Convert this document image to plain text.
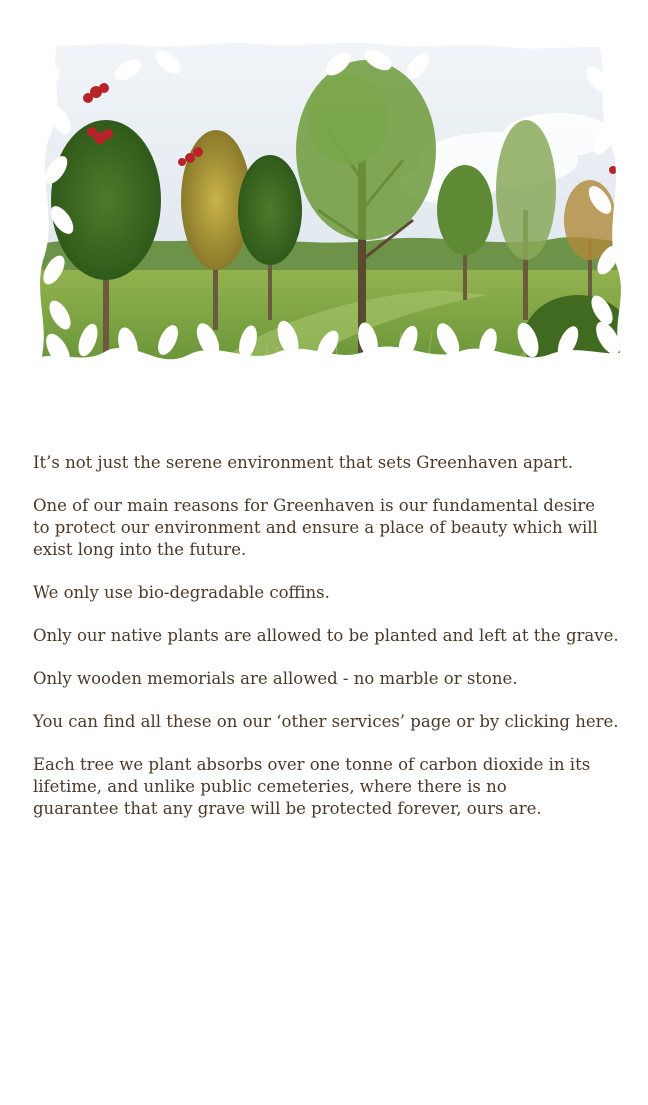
It’s not just the serene environment that sets Greenhaven apart.

One of our main reasons for Greenhaven is our fundamental desire
to protect our environment and ensure a place of beauty which will
exist long into the future.

We only use bio-degradable coffins.

Only our native plants are allowed to be planted and left at the grave.

Only wooden memorials are allowed - no marble or stone.

You can find all these on our ‘other services’ page or by clicking here.

Each tree we plant absorbs over one tonne of carbon dioxide in its
lifetime, and unlike public cemeteries, where there is no
guarantee that any grave will be protected forever, ours are.
